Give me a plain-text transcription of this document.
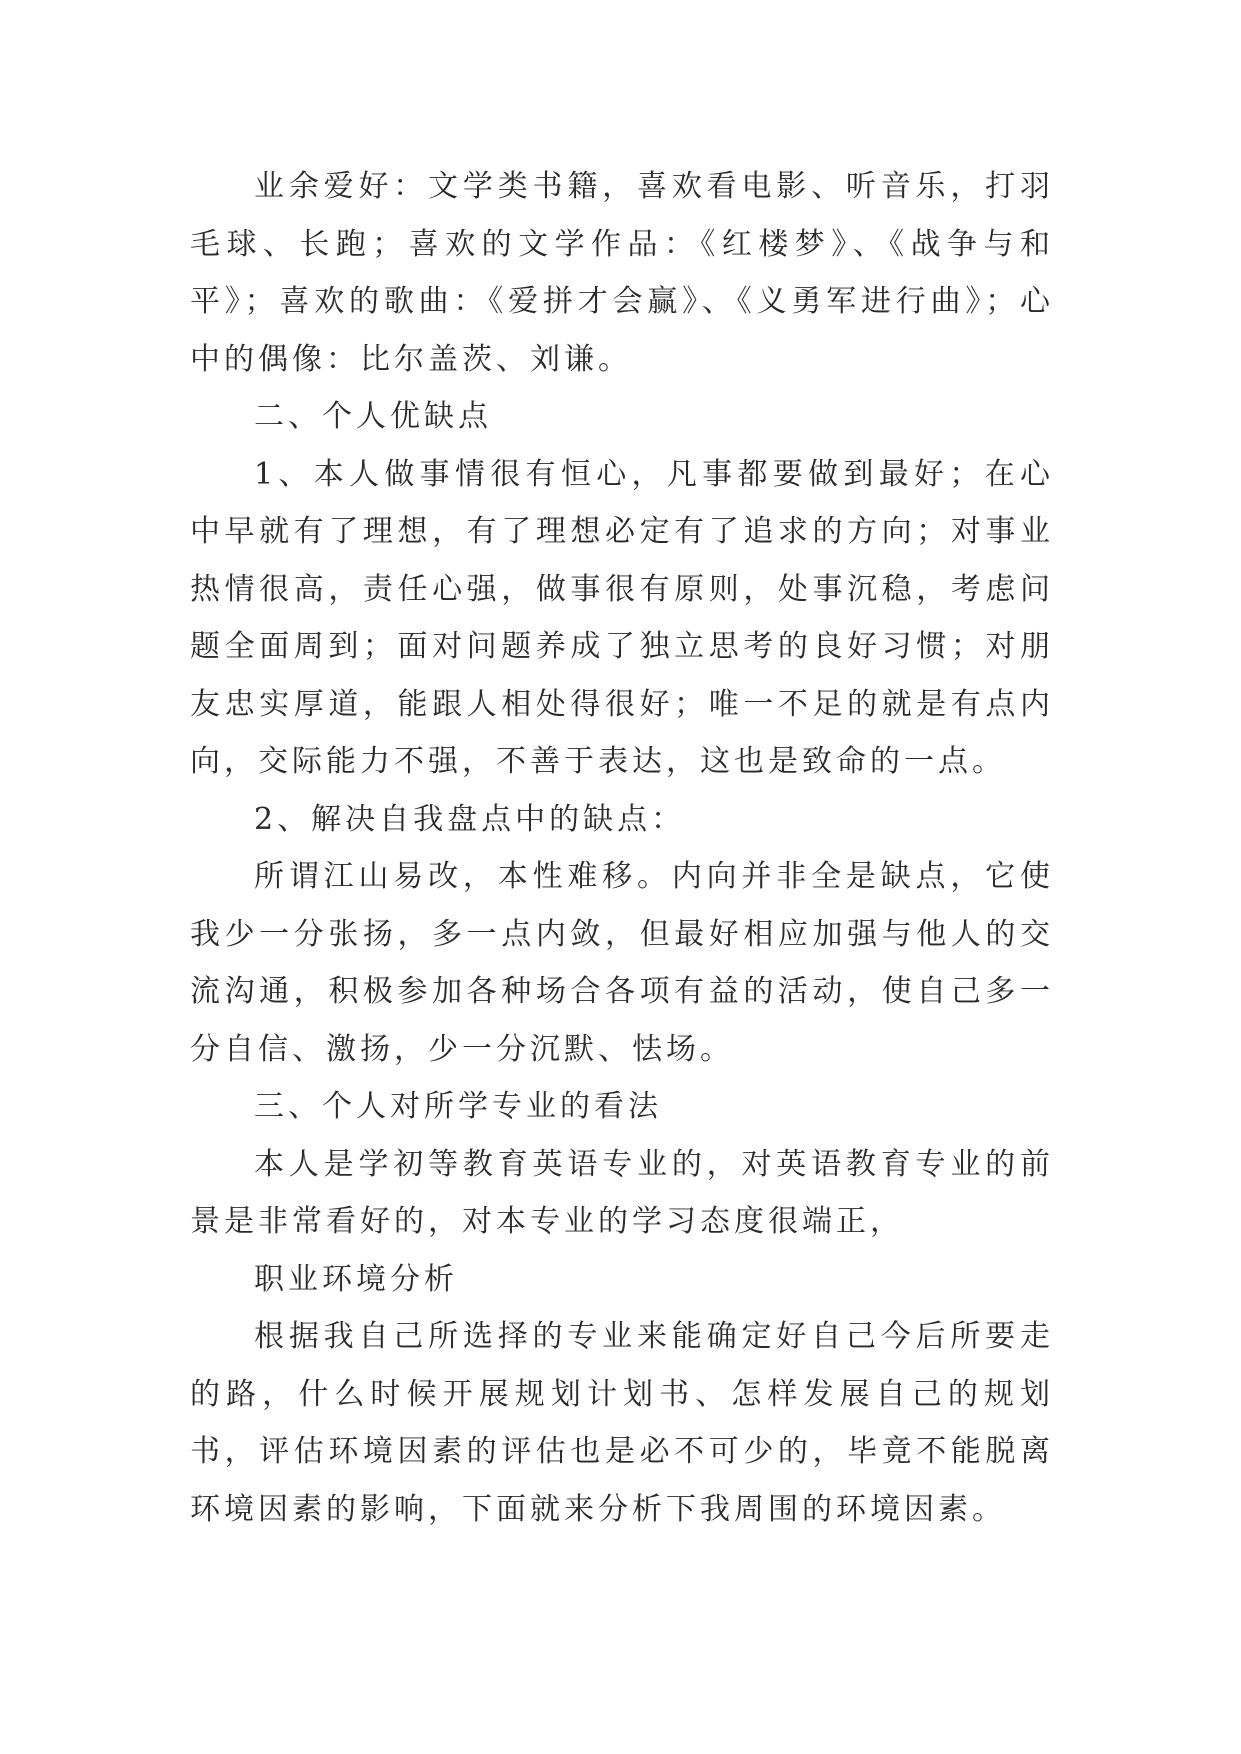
业余爱好：文学类书籍，喜欢看电影、听音乐，打羽毛球、长跑；喜欢的文学作品：《红楼梦》、《战争与和平》；喜欢的歌曲：《爱拼才会赢》、《义勇军进行曲》；心中的偶像：比尔盖茨、刘谦。

二、个人优缺点

1、本人做事情很有恒心，凡事都要做到最好；在心中早就有了理想，有了理想必定有了追求的方向；对事业热情很高，责任心强，做事很有原则，处事沉稳，考虑问题全面周到；面对问题养成了独立思考的良好习惯；对朋友忠实厚道，能跟人相处得很好；唯一不足的就是有点内向，交际能力不强，不善于表达，这也是致命的一点。

2、解决自我盘点中的缺点：

所谓江山易改，本性难移。内向并非全是缺点，它使我少一分张扬，多一点内敛，但最好相应加强与他人的交流沟通，积极参加各种场合各项有益的活动，使自己多一分自信、激扬，少一分沉默、怯场。

三、个人对所学专业的看法

本人是学初等教育英语专业的，对英语教育专业的前景是非常看好的，对本专业的学习态度很端正，

职业环境分析

根据我自己所选择的专业来能确定好自己今后所要走的路，什么时候开展规划计划书、怎样发展自己的规划书，评估环境因素的评估也是必不可少的，毕竟不能脱离环境因素的影响，下面就来分析下我周围的环境因素。
